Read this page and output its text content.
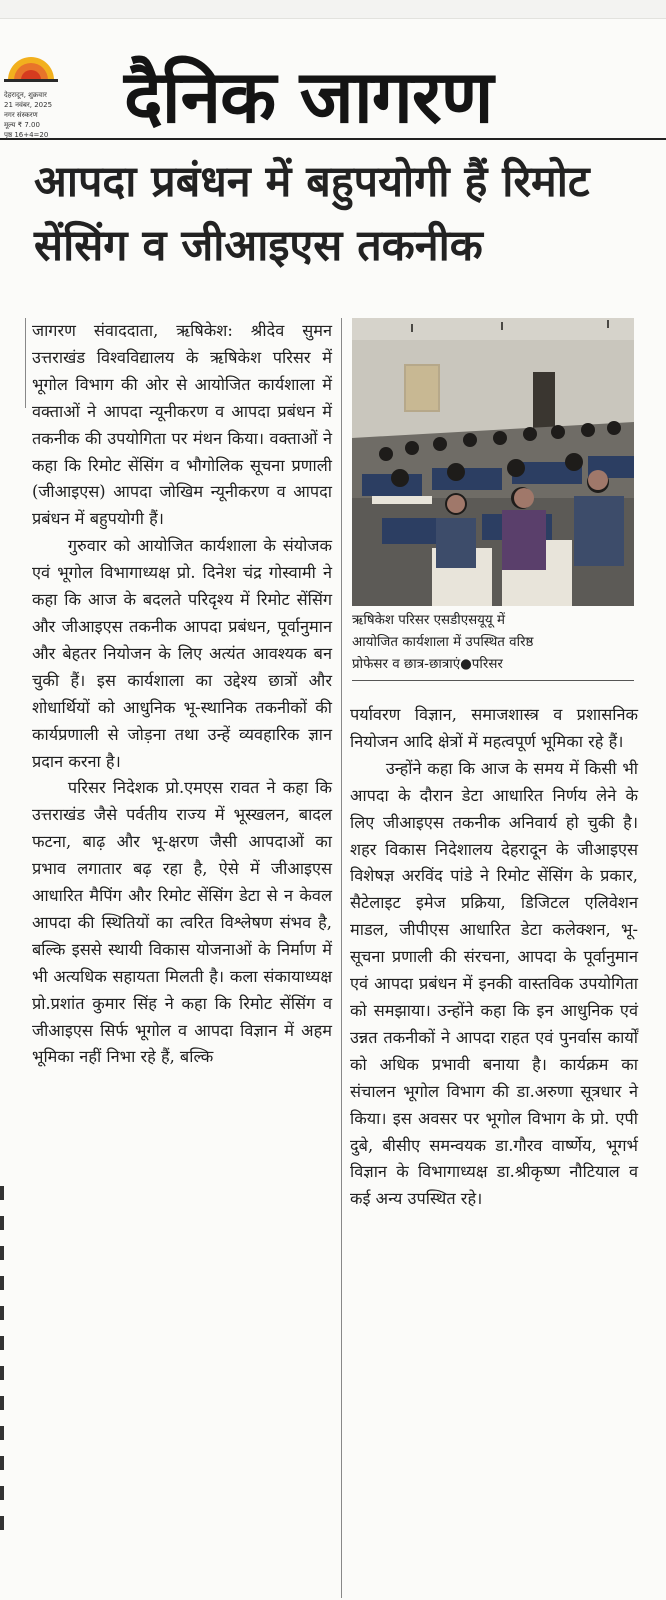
देहरादून, शुक्रवार
21 नवंबर, 2025
नगर संस्करण
मूल्य ₹ 7.00
पृष्ठ 16+4=20	दैनिक जागरण
आपदा प्रबंधन में बहुपयोगी हैं रिमोट
सेंसिंग व जीआइएस तकनीक

जागरण संवाददाता, ऋषिकेश: श्रीदेव सुमन उत्तराखंड विश्वविद्यालय के ऋषिकेश परिसर में भूगोल विभाग की ओर से आयोजित कार्यशाला में वक्ताओं ने आपदा न्यूनीकरण व आपदा प्रबंधन में तकनीक की उपयोगिता पर मंथन किया। वक्ताओं ने कहा कि रिमोट सेंसिंग व भौगोलिक सूचना प्रणाली (जीआइएस) आपदा जोखिम न्यूनीकरण व आपदा प्रबंधन में बहुपयोगी हैं।

गुरुवार को आयोजित कार्यशाला के संयोजक एवं भूगोल विभागाध्यक्ष प्रो. दिनेश चंद्र गोस्वामी ने कहा कि आज के बदलते परिदृश्य में रिमोट सेंसिंग और जीआइएस तकनीक आपदा प्रबंधन, पूर्वानुमान और बेहतर नियोजन के लिए अत्यंत आवश्यक बन चुकी हैं। इस कार्यशाला का उद्देश्य छात्रों और शोधार्थियों को आधुनिक भू-स्थानिक तकनीकों की कार्यप्रणाली से जोड़ना तथा उन्हें व्यवहारिक ज्ञान प्रदान करना है।

परिसर निदेशक प्रो.एमएस रावत ने कहा कि उत्तराखंड जैसे पर्वतीय राज्य में भूस्खलन, बादल फटना, बाढ़ और भू-क्षरण जैसी आपदाओं का प्रभाव लगातार बढ़ रहा है, ऐसे में जीआइएस आधारित मैपिंग और रिमोट सेंसिंग डेटा से न केवल आपदा की स्थितियों का त्वरित विश्लेषण संभव है, बल्कि इससे स्थायी विकास योजनाओं के निर्माण में भी अत्यधिक सहायता मिलती है। कला संकायाध्यक्ष प्रो.प्रशांत कुमार सिंह ने कहा कि रिमोट सेंसिंग व जीआइएस सिर्फ भूगोल व आपदा विज्ञान में अहम भूमिका नहीं निभा रहे हैं, बल्कि

ऋषिकेश परिसर एसडीएसयूयू में
आयोजित कार्यशाला में उपस्थित वरिष्ठ
प्रोफेसर व छात्र-छात्राएं●परिसर

पर्यावरण विज्ञान, समाजशास्त्र व प्रशासनिक नियोजन आदि क्षेत्रों में महत्वपूर्ण भूमिका रहे हैं।

उन्होंने कहा कि आज के समय में किसी भी आपदा के दौरान डेटा आधारित निर्णय लेने के लिए जीआइएस तकनीक अनिवार्य हो चुकी है। शहर विकास निदेशालय देहरादून के जीआइएस विशेषज्ञ अरविंद पांडे ने रिमोट सेंसिंग के प्रकार, सैटेलाइट इमेज प्रक्रिया, डिजिटल एलिवेशन माडल, जीपीएस आधारित डेटा कलेक्शन, भू-सूचना प्रणाली की संरचना, आपदा के पूर्वानुमान एवं आपदा प्रबंधन में इनकी वास्तविक उपयोगिता को समझाया। उन्होंने कहा कि इन आधुनिक एवं उन्नत तकनीकों ने आपदा राहत एवं पुनर्वास कार्यों को अधिक प्रभावी बनाया है। कार्यक्रम का संचालन भूगोल विभाग की डा.अरुणा सूत्रधार ने किया। इस अवसर पर भूगोल विभाग के प्रो. एपी दुबे, बीसीए समन्वयक डा.गौरव वार्ष्णेय, भूगर्भ विज्ञान के विभागाध्यक्ष डा.श्रीकृष्ण नौटियाल व कई अन्य उपस्थित रहे।
